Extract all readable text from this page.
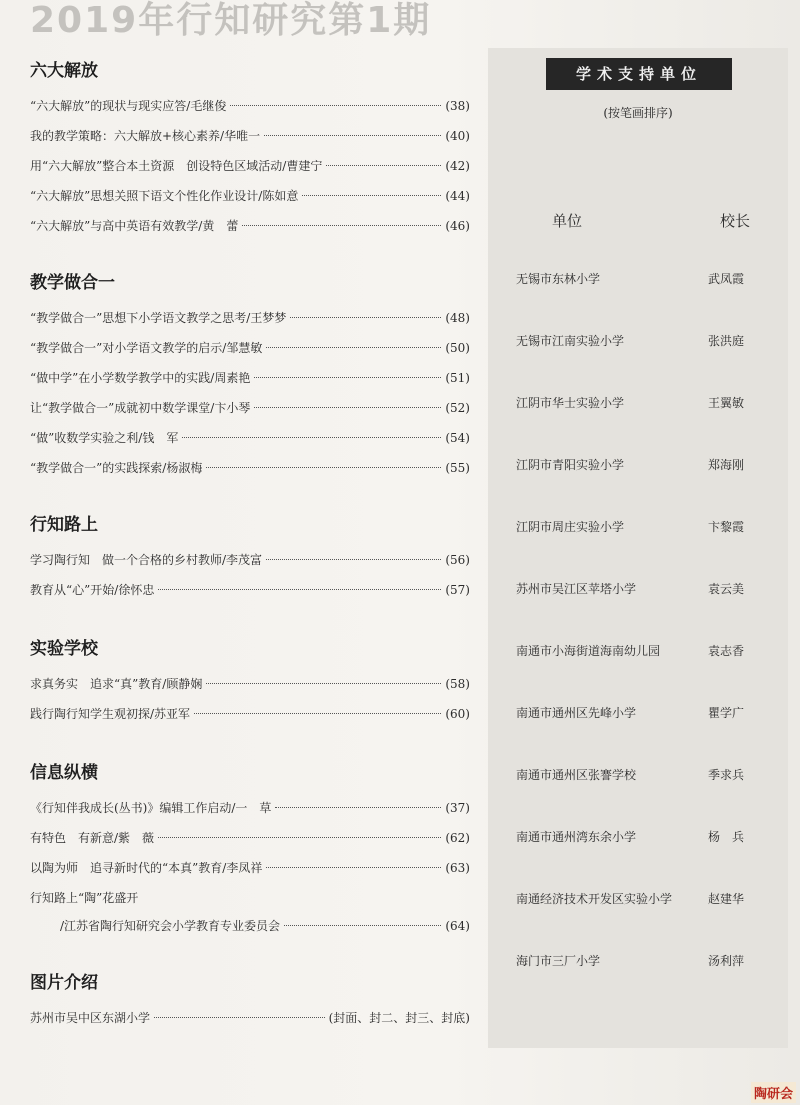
2019年行知研究第1期
六大解放
“六大解放”的现状与现实应答/毛继俊	(38)
我的教学策略：六大解放+核心素养/华唯一	(40)
用“六大解放”整合本土资源　创设特色区域活动/曹建宁	(42)
“六大解放”思想关照下语文个性化作业设计/陈如意	(44)
“六大解放”与高中英语有效教学/黄　蕾	(46)
教学做合一
“教学做合一”思想下小学语文教学之思考/王梦梦	(48)
“教学做合一”对小学语文教学的启示/邹慧敏	(50)
“做中学”在小学数学教学中的实践/周素艳	(51)
让“教学做合一”成就初中数学课堂/卞小琴	(52)
“做”收数学实验之利/钱　军	(54)
“教学做合一”的实践探索/杨淑梅	(55)
行知路上
学习陶行知　做一个合格的乡村教师/李茂富	(56)
教育从“心”开始/徐怀忠	(57)
实验学校
求真务实　追求“真”教育/顾静娴	(58)
践行陶行知学生观初探/苏亚军	(60)
信息纵横
《行知伴我成长(丛书)》编辑工作启动/一　草	(37)
有特色　有新意/紫　薇	(62)
以陶为师　追寻新时代的“本真”教育/李凤祥	(63)
行知路上“陶”花盛开
/江苏省陶行知研究会小学教育专业委员会	(64)
图片介绍
苏州市吴中区东湖小学	(封面、封二、封三、封底)
学术支持单位
(按笔画排序)
单位	校长
无锡市东林小学	武凤霞
无锡市江南实验小学	张洪庭
江阴市华士实验小学	王翼敏
江阴市青阳实验小学	郑海刚
江阴市周庄实验小学	卞黎霞
苏州市吴江区苹塔小学	袁云美
南通市小海街道海南幼儿园	袁志香
南通市通州区先峰小学	瞿学广
南通市通州区张謇学校	季求兵
南通市通州湾东余小学	杨　兵
南通经济技术开发区实验小学	赵建华
海门市三厂小学	汤利萍
陶研会
